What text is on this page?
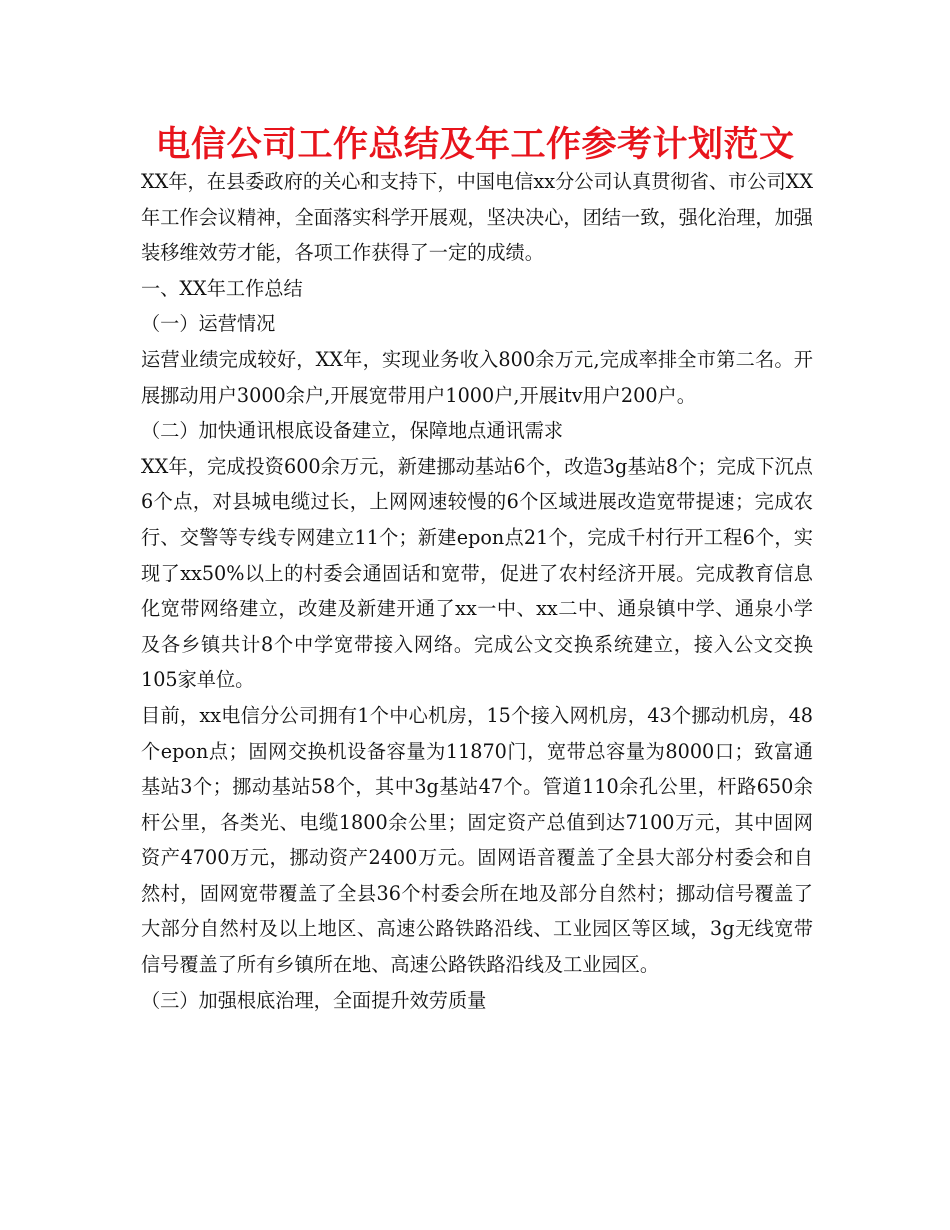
电信公司工作总结及年工作参考计划范文

XX年，在县委政府的关心和支持下，中国电信xx分公司认真贯彻省、市公司XX年工作会议精神，全面落实科学开展观，坚决决心，团结一致，强化治理，加强装移维效劳才能，各项工作获得了一定的成绩。

一、XX年工作总结

（一）运营情况

运营业绩完成较好，XX年，实现业务收入800余万元,完成率排全市第二名。开展挪动用户3000余户,开展宽带用户1000户,开展itv用户200户。

（二）加快通讯根底设备建立，保障地点通讯需求

XX年，完成投资600余万元，新建挪动基站6个，改造3g基站8个；完成下沉点6个点，对县城电缆过长，上网网速较慢的6个区域进展改造宽带提速；完成农行、交警等专线专网建立11个；新建epon点21个，完成千村行开工程6个，实现了xx50%以上的村委会通固话和宽带，促进了农村经济开展。完成教育信息化宽带网络建立，改建及新建开通了xx一中、xx二中、通泉镇中学、通泉小学及各乡镇共计8个中学宽带接入网络。完成公文交换系统建立，接入公文交换105家单位。

目前，xx电信分公司拥有1个中心机房，15个接入网机房，43个挪动机房，48个epon点；固网交换机设备容量为11870门，宽带总容量为8000口；致富通基站3个；挪动基站58个，其中3g基站47个。管道110余孔公里，杆路650余杆公里，各类光、电缆1800余公里；固定资产总值到达7100万元，其中固网资产4700万元，挪动资产2400万元。固网语音覆盖了全县大部分村委会和自然村，固网宽带覆盖了全县36个村委会所在地及部分自然村；挪动信号覆盖了大部分自然村及以上地区、高速公路铁路沿线、工业园区等区域，3g无线宽带信号覆盖了所有乡镇所在地、高速公路铁路沿线及工业园区。

（三）加强根底治理，全面提升效劳质量
